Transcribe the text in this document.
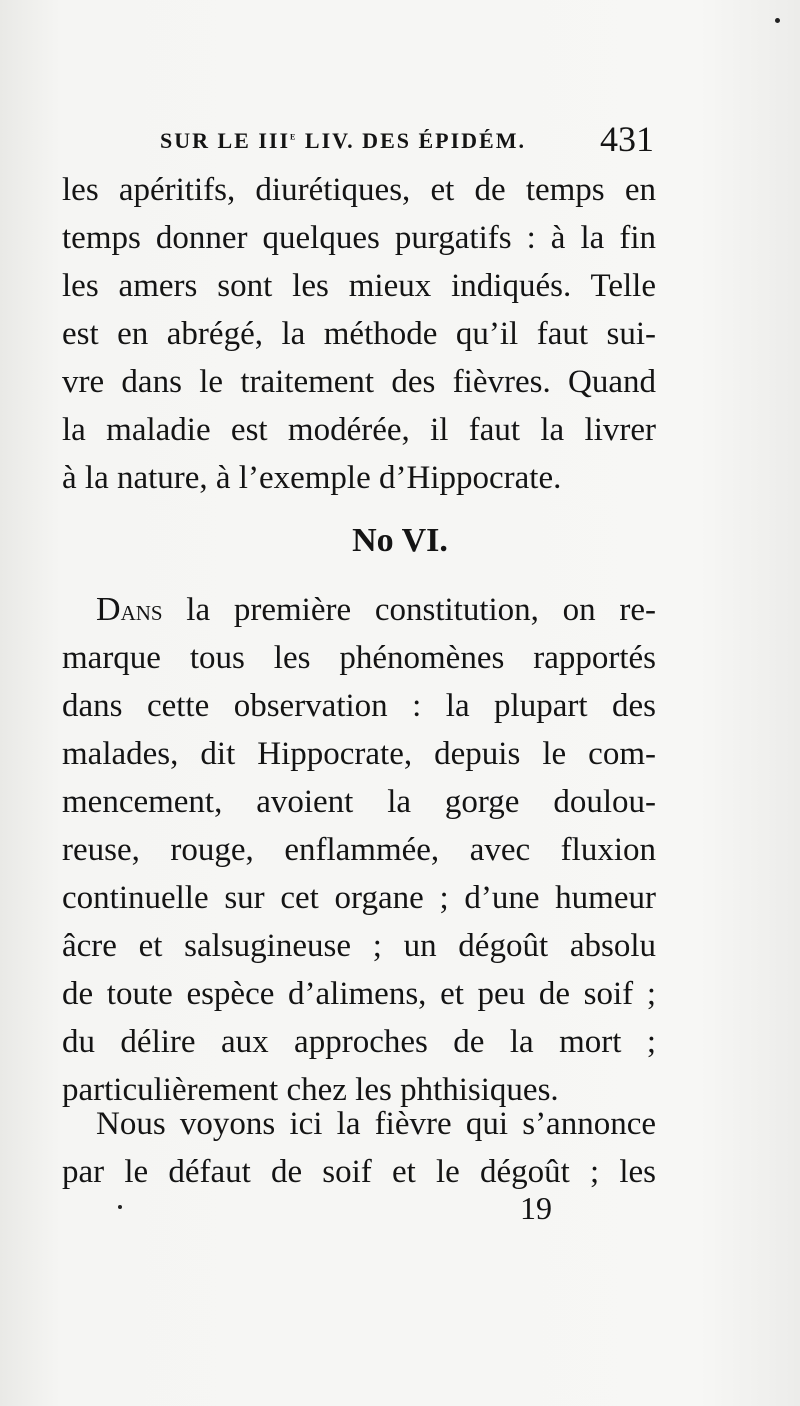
SUR LE IIIe LIV. DES ÉPIDÉM. 431
les apéritifs, diurétiques, et de temps en
temps donner quelques purgatifs : à la fin
les amers sont les mieux indiqués. Telle
est en abrégé, la méthode qu’il faut sui-
vre dans le traitement des fièvres. Quand
la maladie est modérée, il faut la livrer
à la nature, à l’exemple d’Hippocrate.
No VI.
Dans la première constitution, on re-
marque tous les phénomènes rapportés
dans cette observation : la plupart des
malades, dit Hippocrate, depuis le com-
mencement, avoient la gorge doulou-
reuse, rouge, enflammée, avec fluxion
continuelle sur cet organe ; d’une humeur
âcre et salsugineuse ; un dégoût absolu
de toute espèce d’alimens, et peu de soif ;
du délire aux approches de la mort ;
particulièrement chez les phthisiques.
Nous voyons ici la fièvre qui s’annonce
19
par le défaut de soif et le dégoût ; les
